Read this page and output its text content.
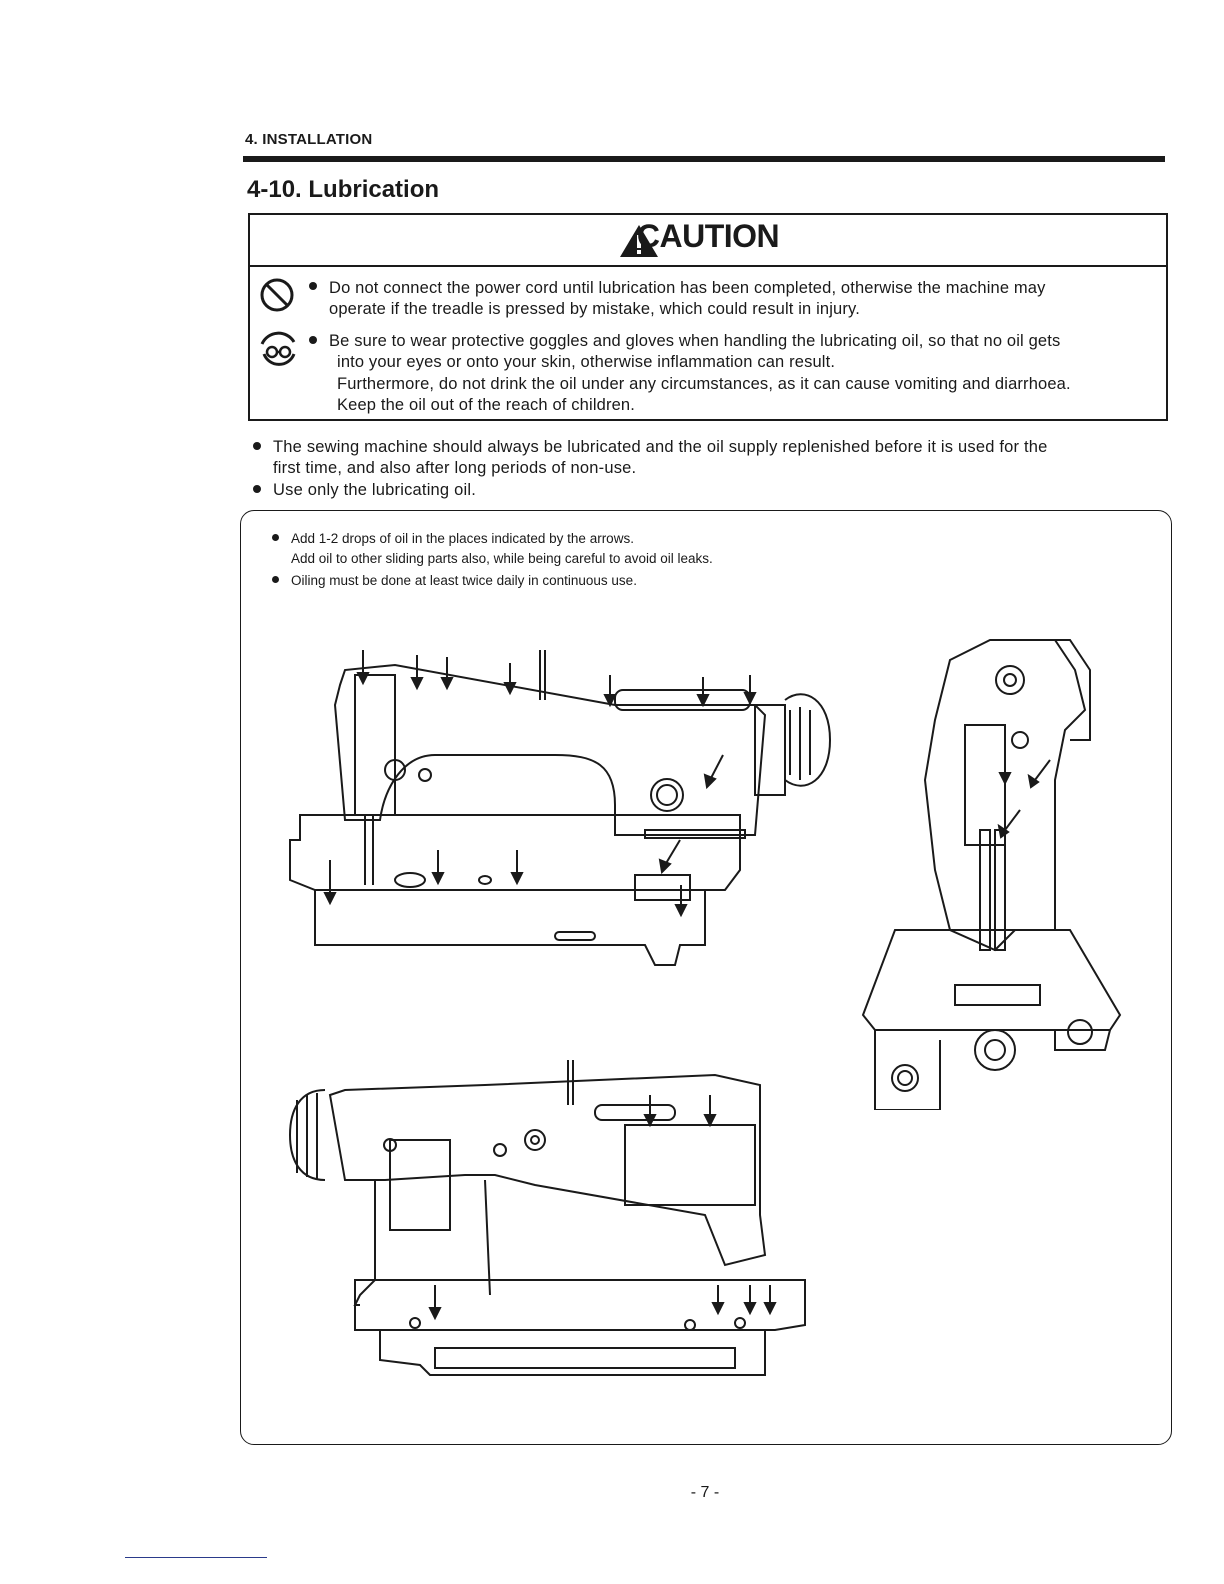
4. INSTALLATION
4-10. Lubrication
CAUTION
Do not connect the power cord until lubrication has been completed, otherwise the machine may
operate if the treadle is pressed by mistake, which could result in injury.
Be sure to wear protective goggles and gloves when handling the lubricating oil, so that no oil gets
into your eyes or onto your skin, otherwise inflammation can result.
Furthermore, do not drink the oil under any circumstances, as it can cause vomiting and diarrhoea.
Keep the oil out of the reach of children.
The sewing machine should always be lubricated and the oil supply replenished before it is used for the
first time, and also after long periods of non-use.
Use only the lubricating oil.
Add 1-2 drops of oil in the places indicated by the arrows.
Add oil to other sliding parts also, while being careful to avoid oil leaks.
Oiling must be done at least twice daily in continuous use.
- 7 -
